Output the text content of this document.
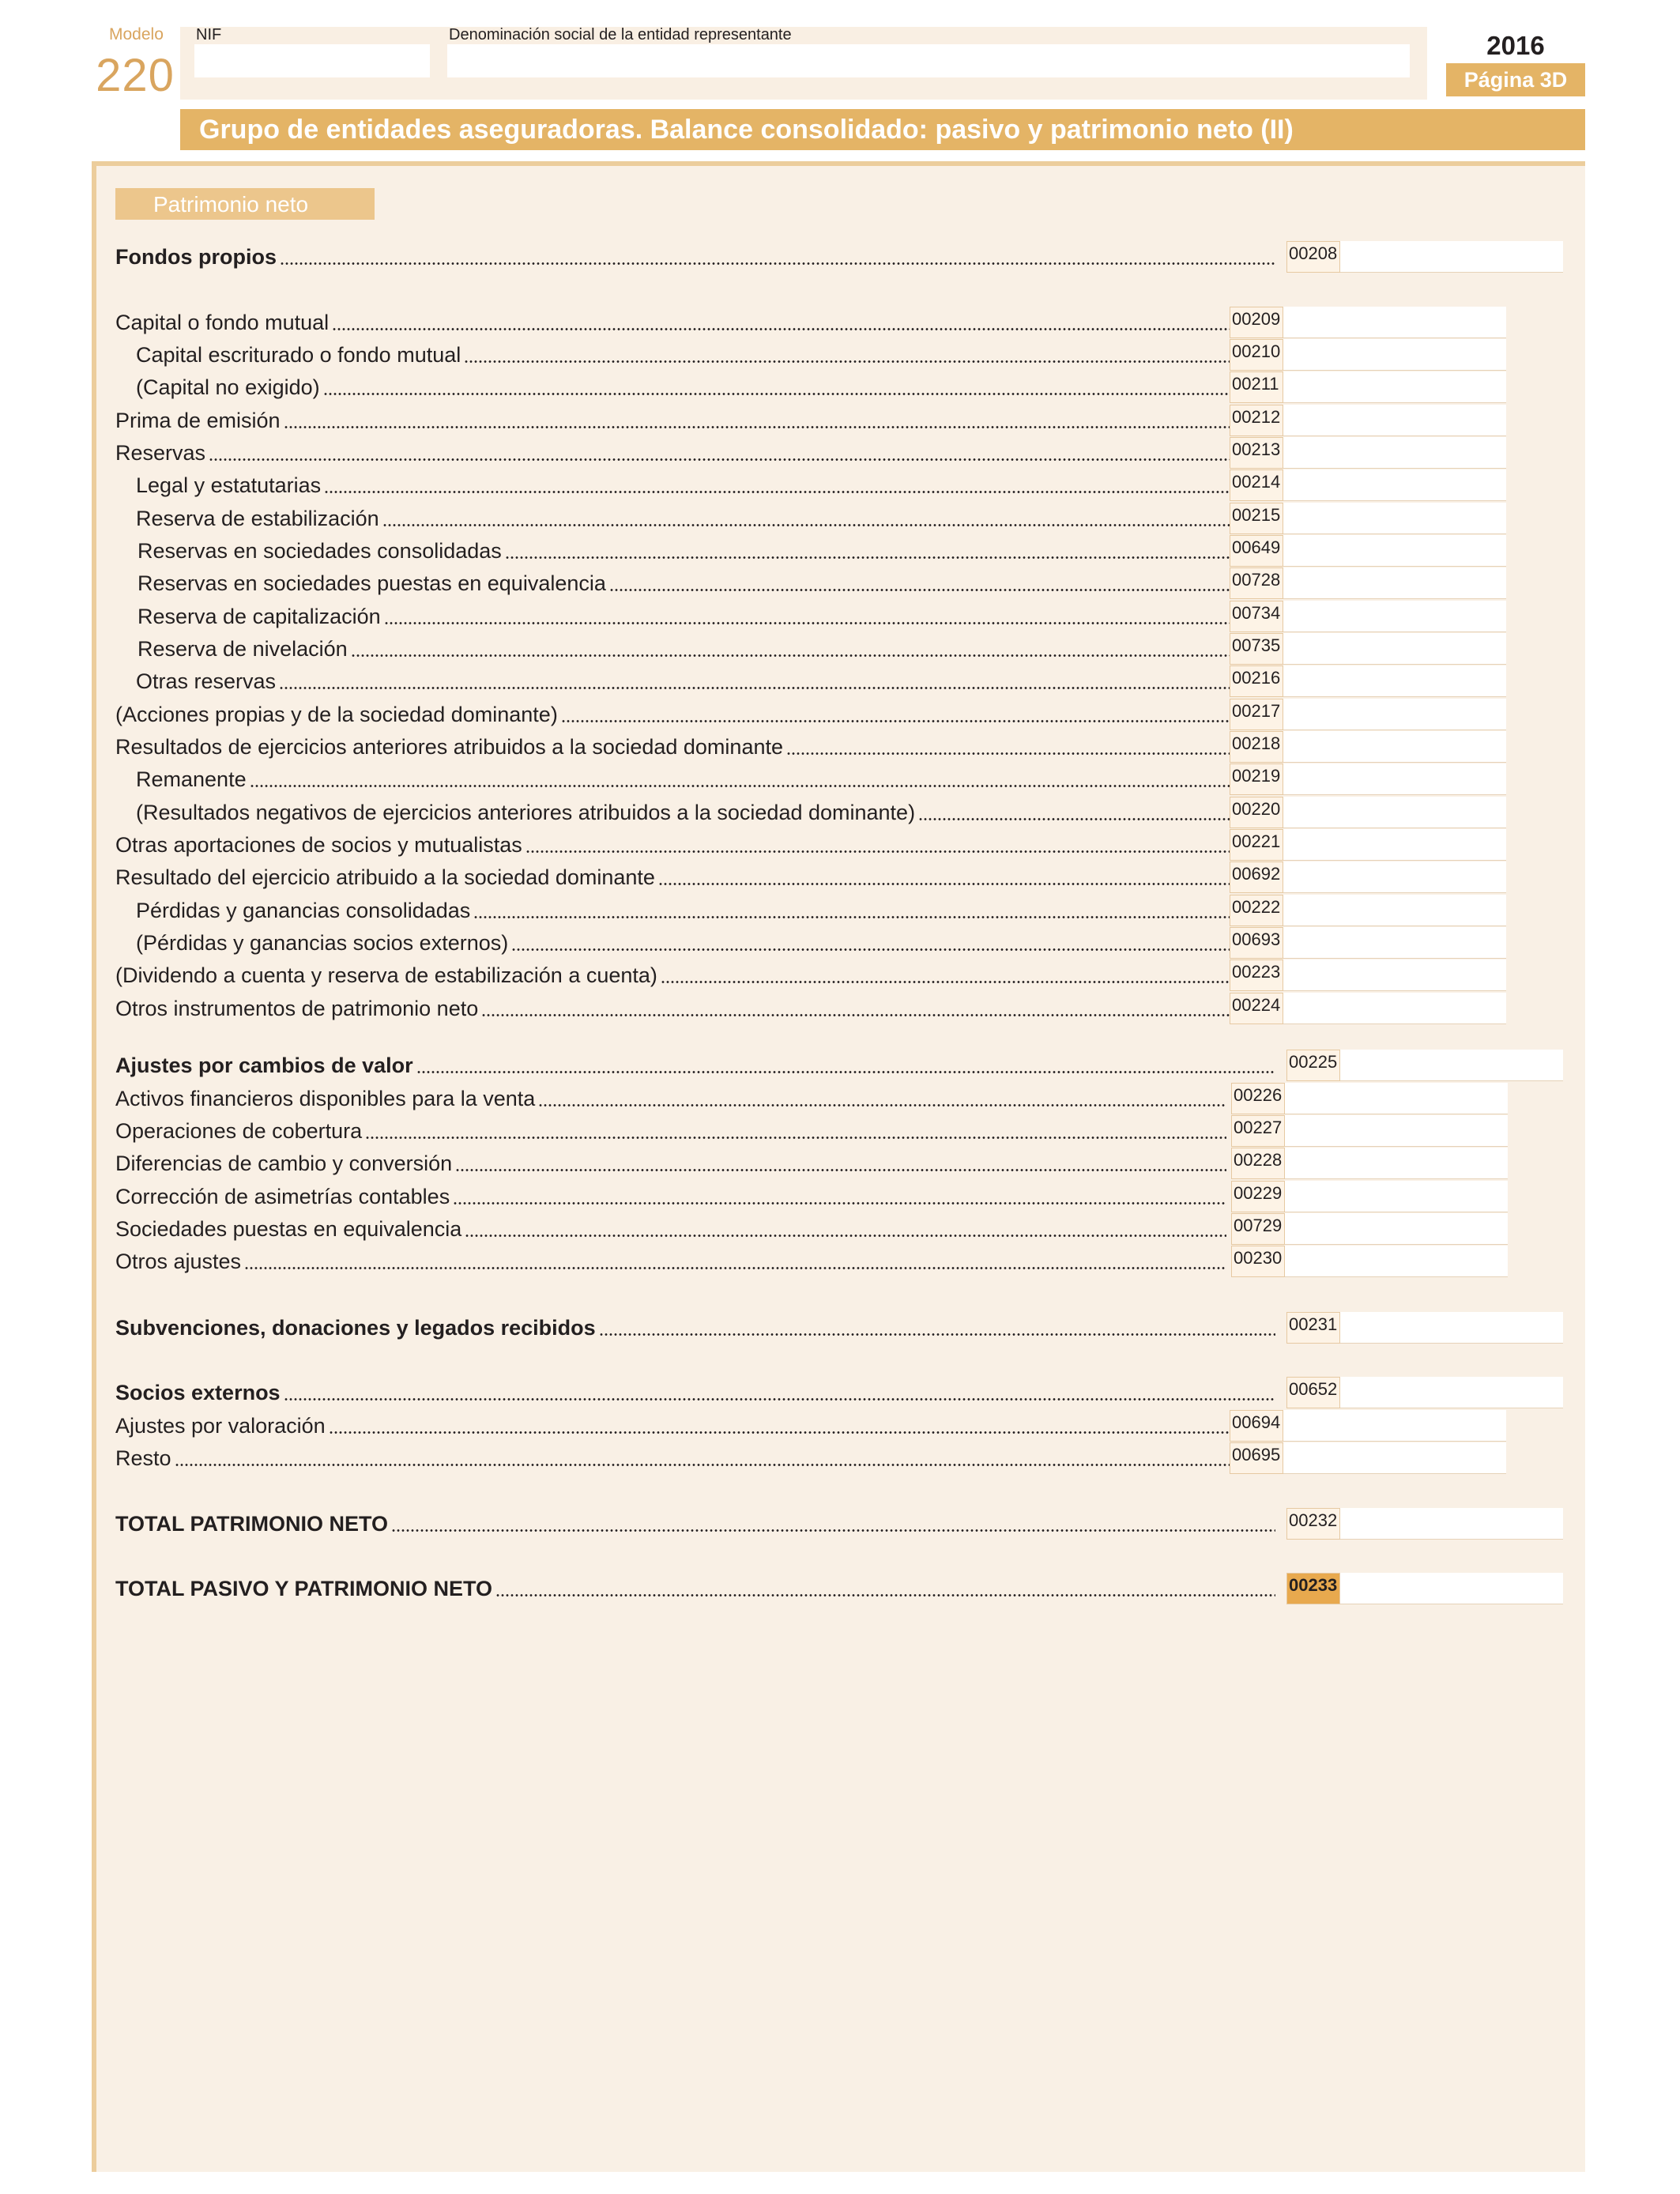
Modelo
220
NIF	Denominación social de la entidad representante	2016
Página 3D
Grupo de entidades aseguradoras. Balance consolidado: pasivo y patrimonio neto (II)
Patrimonio neto
Fondos propios	00208
Capital o fondo mutual	00209
Capital escriturado o fondo mutual	00210
(Capital no exigido)	00211
Prima de emisión	00212
Reservas	00213
Legal y estatutarias	00214
Reserva de estabilización	00215
Reservas en sociedades consolidadas	00649
Reservas en sociedades puestas en equivalencia	00728
Reserva de capitalización	00734
Reserva de nivelación	00735
Otras reservas	00216
(Acciones propias y de la sociedad dominante)	00217
Resultados de ejercicios anteriores atribuidos a la sociedad dominante	00218
Remanente	00219
(Resultados negativos de ejercicios anteriores atribuidos a la sociedad dominante)	00220
Otras aportaciones de socios y mutualistas	00221
Resultado del ejercicio atribuido a la sociedad dominante	00692
Pérdidas y ganancias consolidadas	00222
(Pérdidas y ganancias socios externos)	00693
(Dividendo a cuenta y reserva de estabilización a cuenta)	00223
Otros instrumentos de patrimonio neto	00224
Ajustes por cambios de valor	00225
Activos financieros disponibles para la venta	00226
Operaciones de cobertura	00227
Diferencias de cambio y conversión	00228
Corrección de asimetrías contables	00229
Sociedades puestas en equivalencia	00729
Otros ajustes	00230
Subvenciones, donaciones y legados recibidos	00231
Socios externos	00652
Ajustes por valoración	00694
Resto	00695
TOTAL PATRIMONIO NETO	00232
TOTAL PASIVO Y PATRIMONIO NETO	00233
